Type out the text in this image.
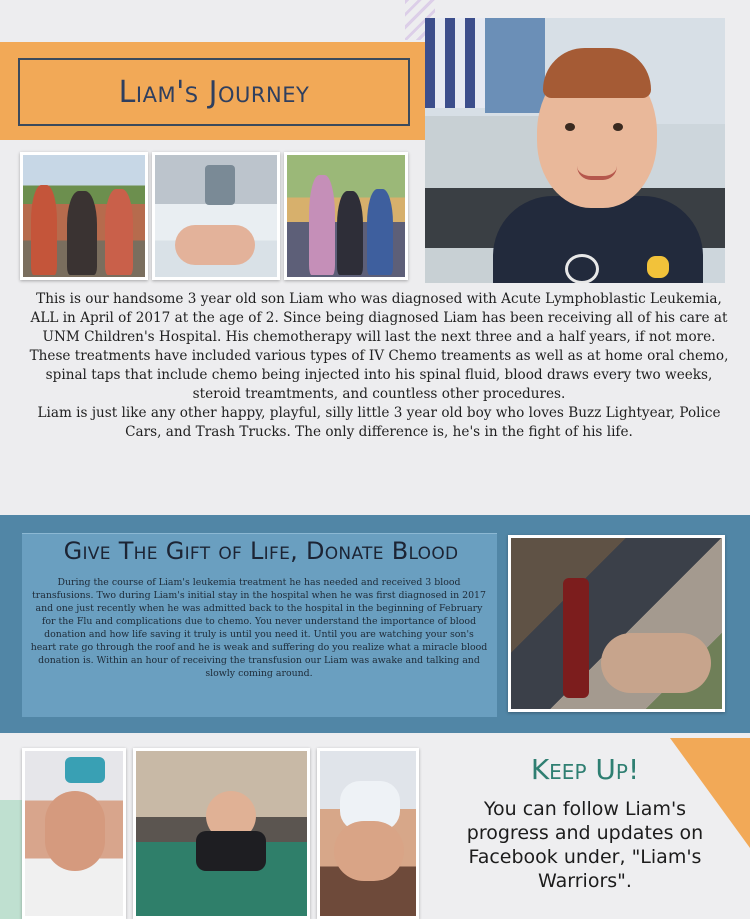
Liam's Journey

This is our handsome 3 year old son Liam who was diagnosed with Acute Lymphoblastic Leukemia, ALL in April of 2017 at the age of 2. Since being diagnosed Liam has been receiving all of his care at UNM Children's Hospital. His chemotherapy will last the next three and a half years, if not more. These treatments have included various types of IV Chemo treaments as well as at home oral chemo, spinal taps that include chemo being injected into his spinal fluid, blood draws every two weeks, steroid treamtments, and countless other procedures.

Liam is just like any other happy, playful, silly little 3 year old boy who loves Buzz Lightyear, Police Cars, and Trash Trucks. The only difference is, he's in the fight of his life.

Give The Gift of Life, Donate Blood
During the course of Liam's leukemia treatment he has needed and received 3 blood transfusions. Two during Liam's initial stay in the hospital when he was first diagnosed in 2017 and one just recently when he was admitted back to the hospital in the beginning of February for the Flu and complications due to chemo. You never understand the importance of blood donation and how life saving it truly is until you need it. Until you are watching your son's heart rate go through the roof and he is weak and suffering do you realize what a miracle blood donation is. Within an hour of receiving the transfusion our Liam was awake and talking and slowly coming around.
Keep Up!
You can follow Liam's progress and updates on Facebook under, "Liam's Warriors".
